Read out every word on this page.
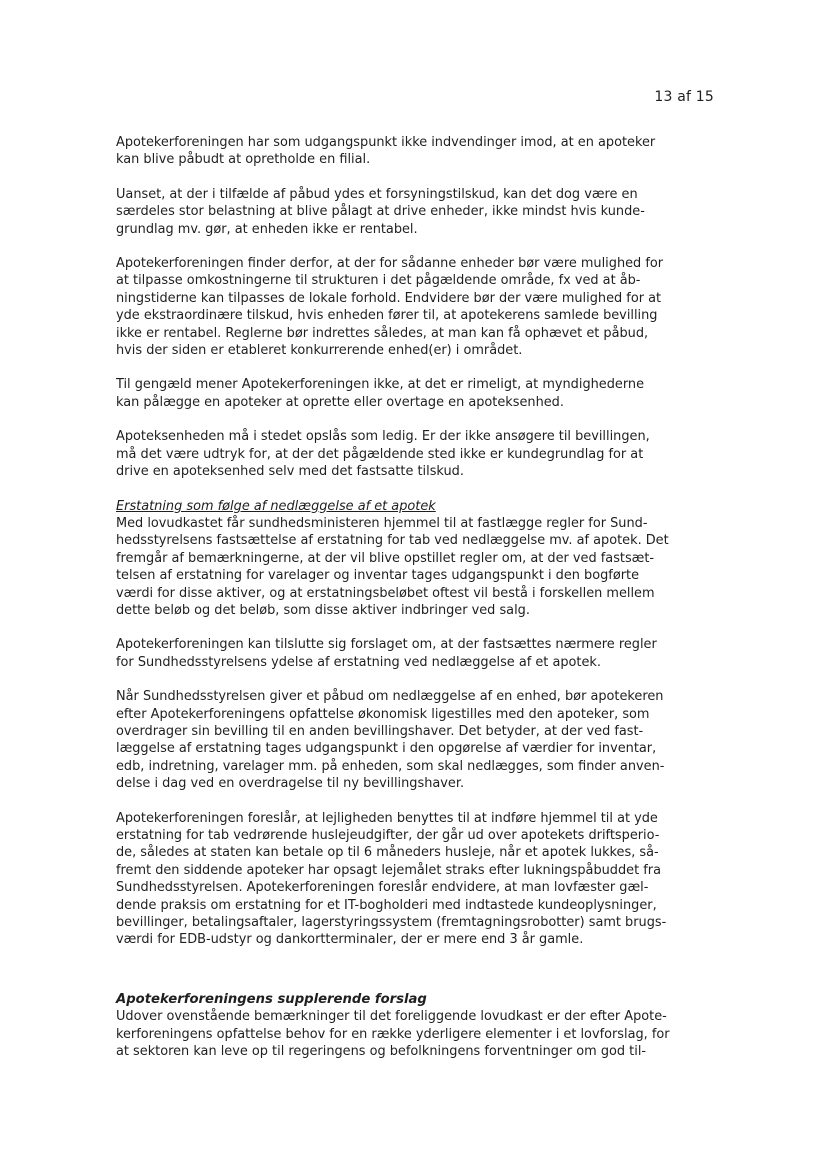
13 af 15

Apotekerforeningen har som udgangspunkt ikke indvendinger imod, at en apoteker
kan blive påbudt at opretholde en filial.

Uanset, at der i tilfælde af påbud ydes et forsyningstilskud, kan det dog være en
særdeles stor belastning at blive pålagt at drive enheder, ikke mindst hvis kunde-
grundlag mv. gør, at enheden ikke er rentabel.

Apotekerforeningen finder derfor, at der for sådanne enheder bør være mulighed for
at tilpasse omkostningerne til strukturen i det pågældende område, fx ved at åb-
ningstiderne kan tilpasses de lokale forhold. Endvidere bør der være mulighed for at
yde ekstraordinære tilskud, hvis enheden fører til, at apotekerens samlede bevilling
ikke er rentabel. Reglerne bør indrettes således, at man kan få ophævet et påbud,
hvis der siden er etableret konkurrerende enhed(er) i området.

Til gengæld mener Apotekerforeningen ikke, at det er rimeligt, at myndighederne
kan pålægge en apoteker at oprette eller overtage en apoteksenhed.

Apoteksenheden må i stedet opslås som ledig. Er der ikke ansøgere til bevillingen,
må det være udtryk for, at der det pågældende sted ikke er kundegrundlag for at
drive en apoteksenhed selv med det fastsatte tilskud.

Erstatning som følge af nedlæggelse af et apotek

Med lovudkastet får sundhedsministeren hjemmel til at fastlægge regler for Sund-
hedsstyrelsens fastsættelse af erstatning for tab ved nedlæggelse mv. af apotek. Det
fremgår af bemærkningerne, at der vil blive opstillet regler om, at der ved fastsæt-
telsen af erstatning for varelager og inventar tages udgangspunkt i den bogførte
værdi for disse aktiver, og at erstatningsbeløbet oftest vil bestå i forskellen mellem
dette beløb og det beløb, som disse aktiver indbringer ved salg.

Apotekerforeningen kan tilslutte sig forslaget om, at der fastsættes nærmere regler
for Sundhedsstyrelsens ydelse af erstatning ved nedlæggelse af et apotek.

Når Sundhedsstyrelsen giver et påbud om nedlæggelse af en enhed, bør apotekeren
efter Apotekerforeningens opfattelse økonomisk ligestilles med den apoteker, som
overdrager sin bevilling til en anden bevillingshaver. Det betyder, at der ved fast-
læggelse af erstatning tages udgangspunkt i den opgørelse af værdier for inventar,
edb, indretning, varelager mm. på enheden, som skal nedlægges, som finder anven-
delse i dag ved en overdragelse til ny bevillingshaver.

Apotekerforeningen foreslår, at lejligheden benyttes til at indføre hjemmel til at yde
erstatning for tab vedrørende huslejeudgifter, der går ud over apotekets driftsperio-
de, således at staten kan betale op til 6 måneders husleje, når et apotek lukkes, så-
fremt den siddende apoteker har opsagt lejemålet straks efter lukningspåbuddet fra
Sundhedsstyrelsen. Apotekerforeningen foreslår endvidere, at man lovfæster gæl-
dende praksis om erstatning for et IT-bogholderi med indtastede kundeoplysninger,
bevillinger, betalingsaftaler, lagerstyringssystem (fremtagningsrobotter) samt brugs-
værdi for EDB-udstyr og dankortterminaler, der er mere end 3 år gamle.

Apotekerforeningens supplerende forslag

Udover ovenstående bemærkninger til det foreliggende lovudkast er der efter Apote-
kerforeningens opfattelse behov for en række yderligere elementer i et lovforslag, for
at sektoren kan leve op til regeringens og befolkningens forventninger om god til-
